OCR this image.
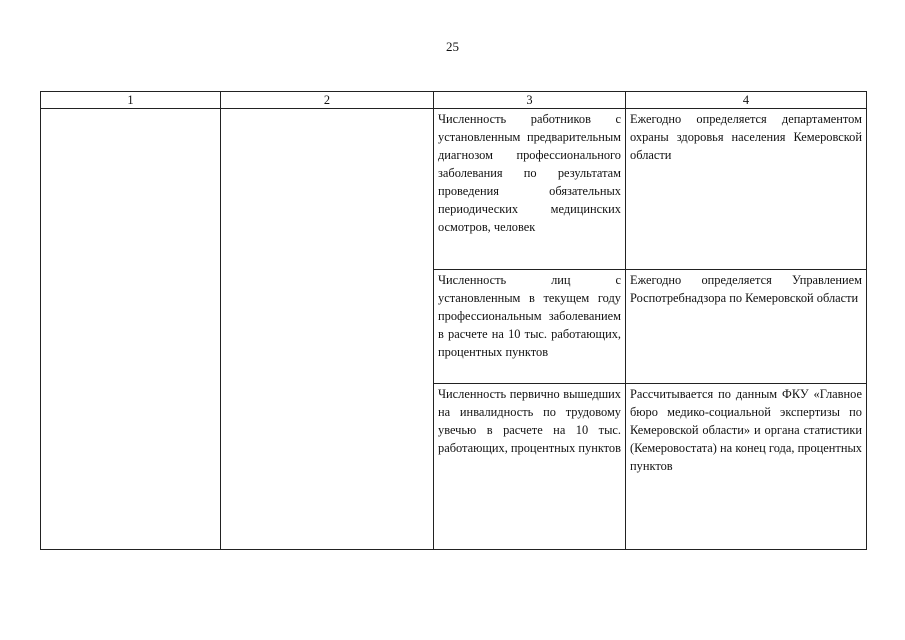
25
1	2	3	4

		Численность работников с установленным предварительным диагнозом профессионального заболевания по результатам проведения обязательных периодических медицинских осмотров, человек	Ежегодно определяется департаментом охраны здоровья населения Кемеровской области

		Численность лиц с установленным в текущем году профессиональным заболеванием в расчете на 10 тыс. работающих, процентных пунктов	Ежегодно определяется Управлением Роспотребнадзора по Кемеровской области

		Численность первично вышедших на инвалидность по трудовому увечью в расчете на 10 тыс. работающих, процентных пунктов	Рассчитывается по данным ФКУ «Главное бюро медико-социальной экспертизы по Кемеровской области» и органа статистики (Кемеровостата) на конец года, процентных пунктов
